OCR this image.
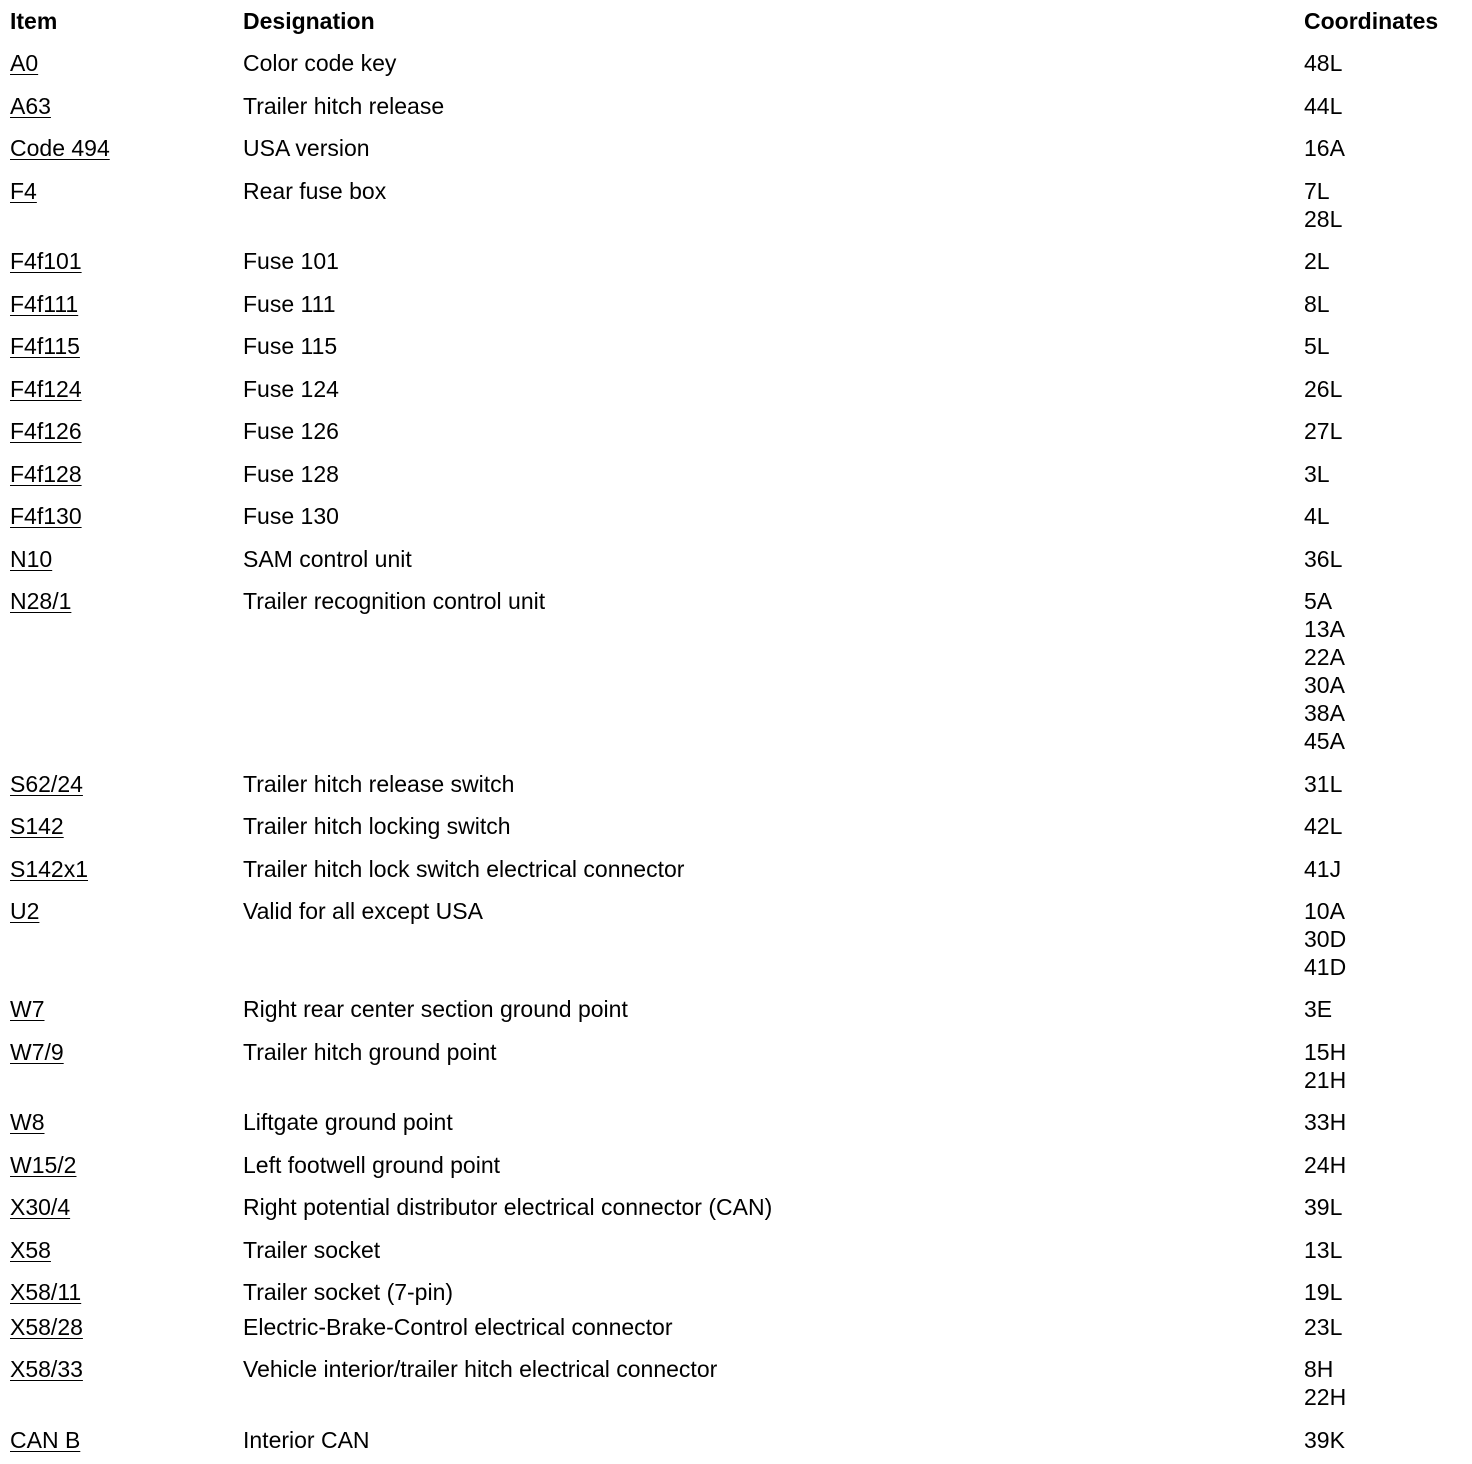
Item	Designation	Coordinates
A0	Color code key	48L
A63	Trailer hitch release	44L
Code 494	USA version	16A
F4	Rear fuse box	7L
28L
F4f101	Fuse 101	2L
F4f111	Fuse 111	8L
F4f115	Fuse 115	5L
F4f124	Fuse 124	26L
F4f126	Fuse 126	27L
F4f128	Fuse 128	3L
F4f130	Fuse 130	4L
N10	SAM control unit	36L
N28/1	Trailer recognition control unit	5A
13A
22A
30A
38A
45A
S62/24	Trailer hitch release switch	31L
S142	Trailer hitch locking switch	42L
S142x1	Trailer hitch lock switch electrical connector	41J
U2	Valid for all except USA	10A
30D
41D
W7	Right rear center section ground point	3E
W7/9	Trailer hitch ground point	15H
21H
W8	Liftgate ground point	33H
W15/2	Left footwell ground point	24H
X30/4	Right potential distributor electrical connector (CAN)	39L
X58	Trailer socket	13L
X58/11	Trailer socket (7-pin)	19L
X58/28	Electric-Brake-Control electrical connector	23L
X58/33	Vehicle interior/trailer hitch electrical connector	8H
22H
CAN B	Interior CAN	39K
